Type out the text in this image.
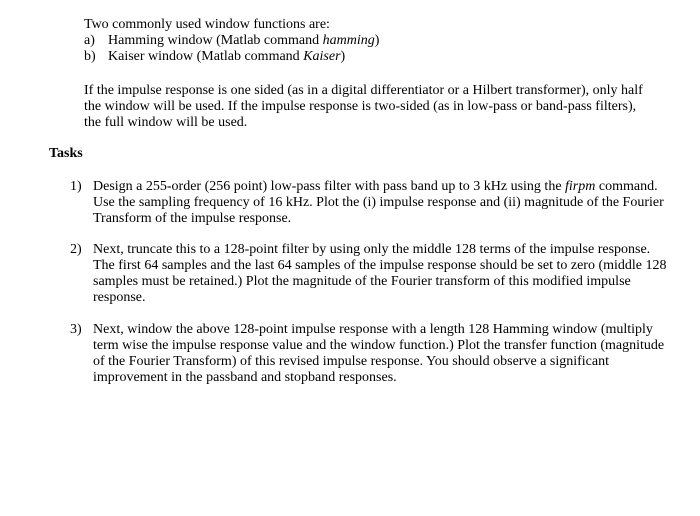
Two commonly used window functions are:
a) Hamming window (Matlab command hamming)
b) Kaiser window (Matlab command Kaiser)

If the impulse response is one sided (as in a digital differentiator or a Hilbert transformer), only half the window will be used. If the impulse response is two-sided (as in low-pass or band-pass filters), the full window will be used.

Tasks
1) Design a 255-order (256 point) low-pass filter with pass band up to 3 kHz using the firpm command. Use the sampling frequency of 16 kHz. Plot the (i) impulse response and (ii) magnitude of the Fourier Transform of the impulse response.
2) Next, truncate this to a 128-point filter by using only the middle 128 terms of the impulse response. The first 64 samples and the last 64 samples of the impulse response should be set to zero (middle 128 samples must be retained.) Plot the magnitude of the Fourier transform of this modified impulse response.
3) Next, window the above 128-point impulse response with a length 128 Hamming window (multiply term wise the impulse response value and the window function.) Plot the transfer function (magnitude of the Fourier Transform) of this revised impulse response. You should observe a significant improvement in the passband and stopband responses.
